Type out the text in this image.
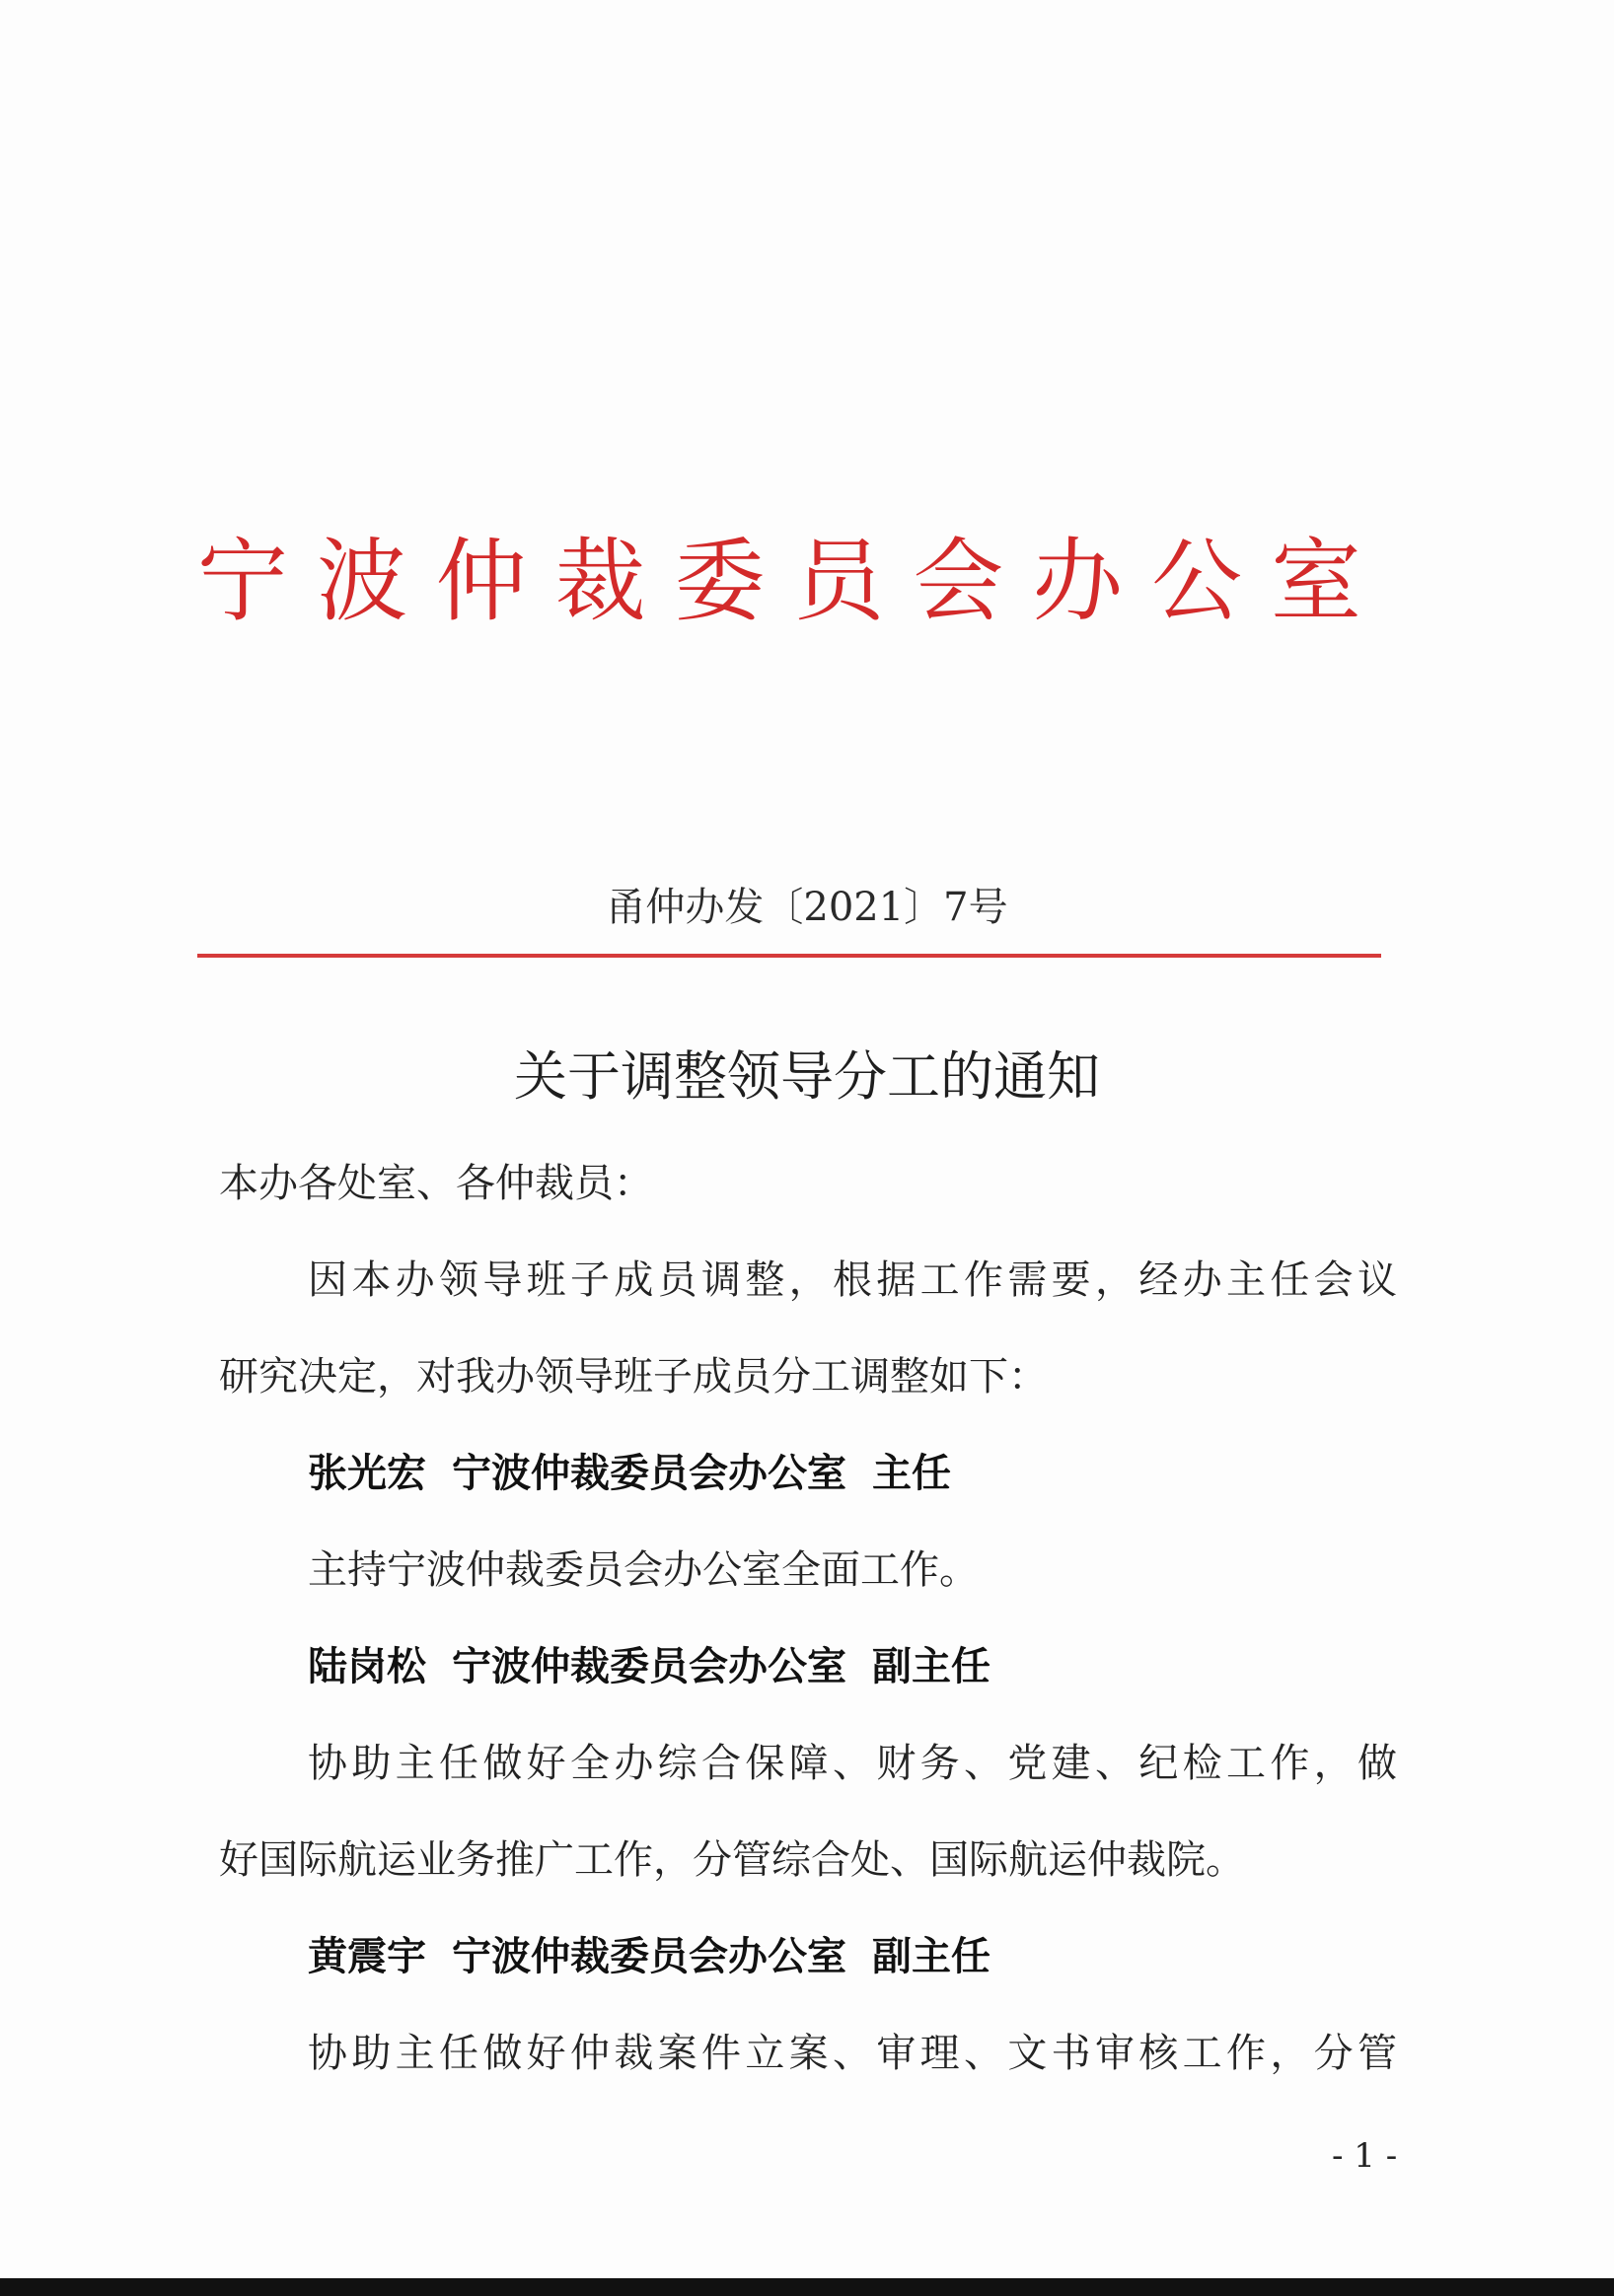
宁波仲裁委员会办公室
甬仲办发〔2021〕7号
关于调整领导分工的通知
本办各处室、各仲裁员：
因本办领导班子成员调整，根据工作需要，经办主任会议
研究决定，对我办领导班子成员分工调整如下：
张光宏 宁波仲裁委员会办公室 主任
主持宁波仲裁委员会办公室全面工作。
陆岗松 宁波仲裁委员会办公室 副主任
协助主任做好全办综合保障、财务、党建、纪检工作，做
好国际航运业务推广工作，分管综合处、国际航运仲裁院。
黄震宇 宁波仲裁委员会办公室 副主任
协助主任做好仲裁案件立案、审理、文书审核工作，分管
- 1 -
